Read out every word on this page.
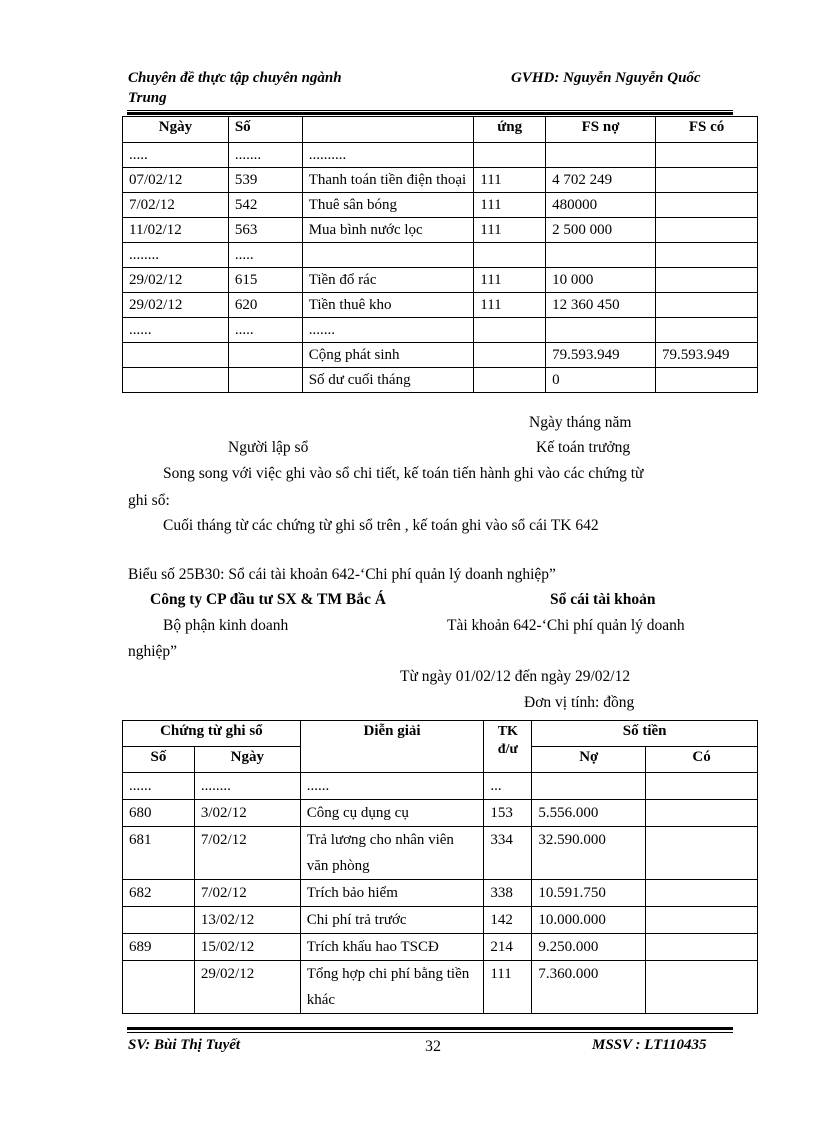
Chuyên đề thực tập chuyên ngành
Trung
GVHD: Nguyễn Nguyễn Quốc
Ngày	Số		ứng	FS nợ	FS có
.....	.......	..........			
07/02/12	539	Thanh toán tiền điện thoại	111	4 702 249	
7/02/12	542	Thuê sân bóng	111	480000	
11/02/12	563	Mua bình nước lọc	111	2 500 000	
........	.....				
29/02/12	615	Tiền đổ rác	111	10 000	
29/02/12	620	Tiền thuê kho	111	12 360 450	
......	.....	.......			
		Cộng phát sinh		79.593.949	79.593.949
		Số dư cuối tháng		0	
Ngày tháng năm
Người lập sổ	Kế toán trưởng
Song song với việc ghi vào sổ chi tiết, kế toán tiến hành ghi vào các chứng từ
ghi sổ:
Cuối tháng từ các chứng từ ghi sổ trên , kế toán ghi vào sổ cái TK 642
Biểu số 25B30: Sổ cái tài khoản 642-‘Chi phí quản lý doanh nghiệp”
Công ty CP đầu tư SX & TM Bắc Á	Sổ cái tài khoản
Bộ phận kinh doanh	Tài khoản 642-‘Chi phí quản lý doanh
nghiệp”
Từ ngày 01/02/12 đến ngày 29/02/12
Đơn vị tính: đồng
Chứng từ ghi sổ		Diễn giải	TK đ/ư	Số tiền	
Số	Ngày			Nợ	Có
......	........	......	...		
680	3/02/12	Công cụ dụng cụ	153	5.556.000	
681	7/02/12	Trả lương cho nhân viên văn phòng	334	32.590.000	
682	7/02/12	Trích bảo hiểm	338	10.591.750	
	13/02/12	Chi phí trả trước	142	10.000.000	
689	15/02/12	Trích khấu hao TSCĐ	214	9.250.000	
	29/02/12	Tổng hợp chi phí bằng tiền khác	111	7.360.000	
SV: Bùi Thị Tuyết	32	MSSV : LT110435
